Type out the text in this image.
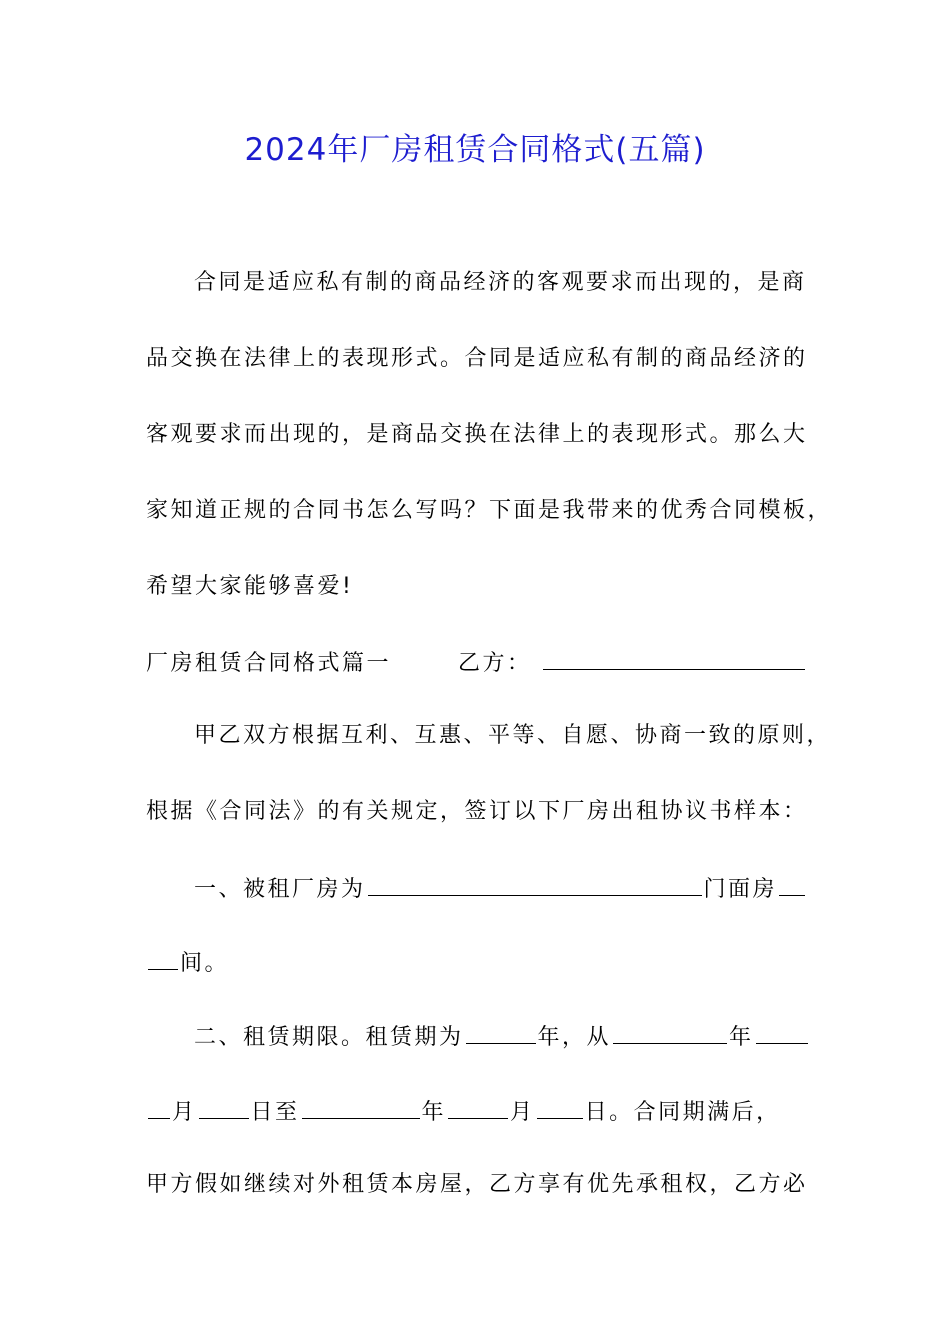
2024年厂房租赁合同格式(五篇)
合同是适应私有制的商品经济的客观要求而出现的，是商
品交换在法律上的表现形式。合同是适应私有制的商品经济的
客观要求而出现的，是商品交换在法律上的表现形式。那么大
家知道正规的合同书怎么写吗？下面是我带来的优秀合同模板，
希望大家能够喜爱!
厂房租赁合同格式篇一	乙方：
甲乙双方根据互利、互惠、平等、自愿、协商一致的原则，
根据《合同法》的有关规定，签订以下厂房出租协议书样本：
一、被租厂房为	门面房
间。
二、租赁期限。租赁期为	年，从	年
月 日至	年	月 日。合同期满后，
甲方假如继续对外租赁本房屋，乙方享有优先承租权，乙方必
